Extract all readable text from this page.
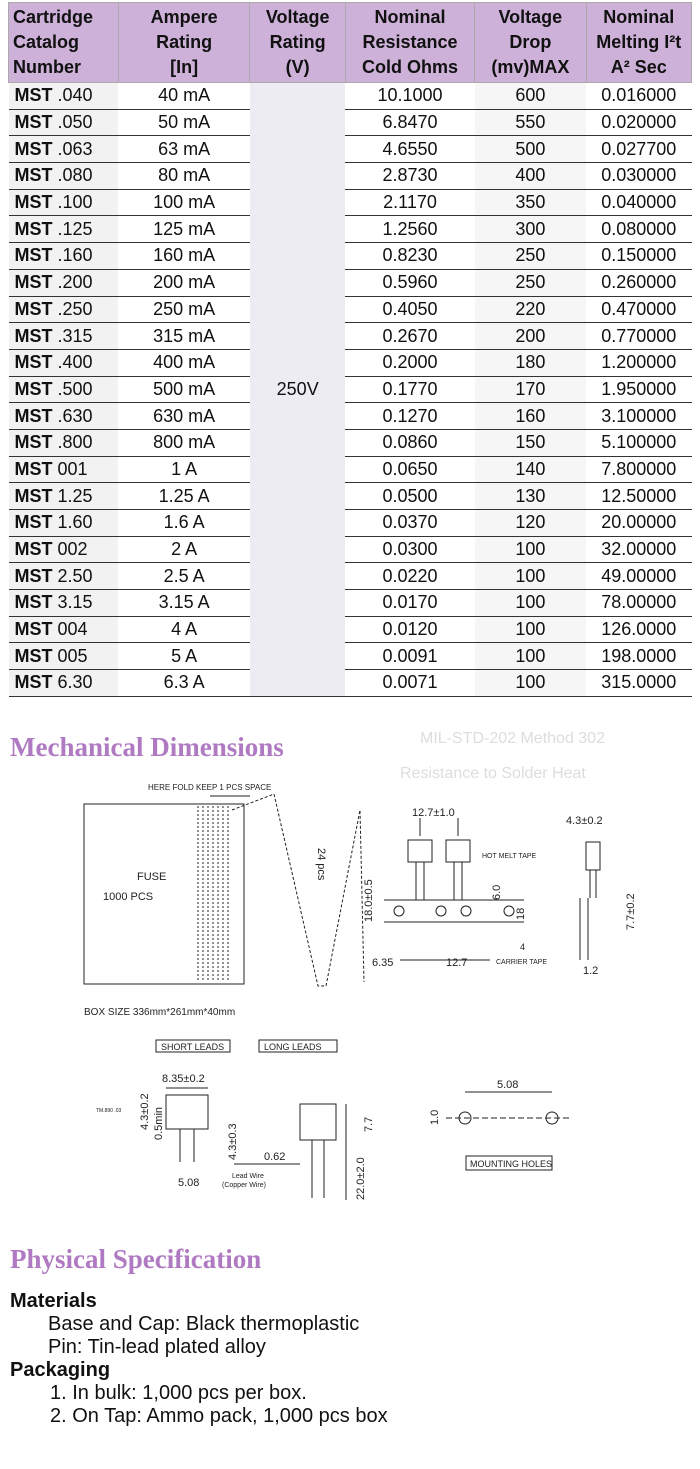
Cartridge
Catalog
Number	Ampere
Rating
[In]	Voltage
Rating
(V)	Nominal
Resistance
Cold Ohms	Voltage
Drop
(mv)MAX	Nominal
Melting I²t
A² Sec
MST .040	40 mA	250V	10.1000	600	0.016000
MST .050	50 mA		6.8470	550	0.020000
MST .063	63 mA		4.6550	500	0.027700
MST .080	80 mA		2.8730	400	0.030000
MST .100	100 mA		2.1170	350	0.040000
MST .125	125 mA		1.2560	300	0.080000
MST .160	160 mA		0.8230	250	0.150000
MST .200	200 mA		0.5960	250	0.260000
MST .250	250 mA		0.4050	220	0.470000
MST .315	315 mA		0.2670	200	0.770000
MST .400	400 mA		0.2000	180	1.200000
MST .500	500 mA		0.1770	170	1.950000
MST .630	630 mA		0.1270	160	3.100000
MST .800	800 mA		0.0860	150	5.100000
MST 001	1 A		0.0650	140	7.800000
MST 1.25	1.25 A		0.0500	130	12.50000
MST 1.60	1.6 A		0.0370	120	20.00000
MST 002	2 A		0.0300	100	32.00000
MST 2.50	2.5 A		0.0220	100	49.00000
MST 3.15	3.15 A		0.0170	100	78.00000
MST 004	4 A		0.0120	100	126.0000
MST 005	5 A		0.0091	100	198.0000
MST 6.30	6.3 A		0.0071	100	315.0000
MIL-STD-202 Method 302
Resistance to Solder Heat
Mechanical Dimensions
FUSE
1000 PCS
HERE FOLD KEEP 1 PCS SPACE
24 pcs
BOX SIZE 336mm*261mm*40mm
12.7±1.0
18.0±0.5	6.0
18
4
6.35	12.7
HOT MELT TAPE
CARRIER TAPE
4.3±0.2
7.7±0.2
1.2
SHORT LEADS	LONG LEADS
8.35±0.2
4.3±0.2 0.5min	4.3±0.3
5.08
TM.890 .03
0.62
Lead Wire
(Copper Wire)
7.7
22.0±2.0
5.08
1.0
MOUNTING HOLES
Physical Specification

Materials

Base and Cap: Black thermoplastic

Pin: Tin-lead plated alloy

Packaging

1. In bulk: 1,000 pcs per box.

2. On Tap: Ammo pack, 1,000 pcs box
